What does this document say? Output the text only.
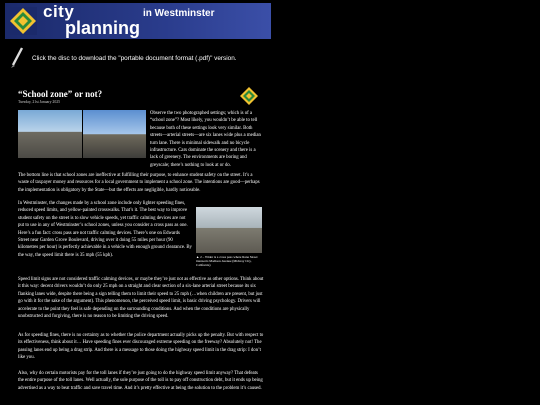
city
planning
in Westminster
Click the disc to download the "portable document format (.pdf)" version.
“School zone” or not?
Tuesday, 21st January 2025

Observe the two photographed settings; which is of a “school zone”? Most likely, you wouldn’t be able to tell because both of these settings look very similar. Both streets—arterial streets—are six lanes wide plus a median turn lane. There is minimal sidewalk and no bicycle infrastructure. Cars dominate the scenery and there is a lack of greenery. The environments are boring and greyscale; there’s nothing to look at or do.

The bottom line is that school zones are ineffective at fulfilling their purpose, to enhance student safety on the street. It’s a waste of taxpayer money and resources for a local government to implement a school zone. The intentions are good—perhaps the implementation is obligatory by the State—but the effects are negligible, hardly noticeable.

In Westminster, the changes made by a school zone include only lighter speeding fines, reduced speed limits, and yellow-painted crosswalks. That’s it. The best way to improve student safety on the street is to slow vehicle speeds, yet traffic calming devices are not put to use in any of Westminster’s school zones, unless you consider a cross pass as one. Here’s a fun fact: cross pass are not traffic calming devices. There’s one on Edwards Street near Garden Grove Boulevard, driving over it doing 55 miles per hour (90 kilometres per hour) is perfectly achievable in a vehicle with enough ground clearance. By the way, the speed limit there is 35 mph (55 kph).	▲ 2 – Wider is a cross pass where Rana Street intersects Madison Avenue (Midway City, California)

Speed limit signs are not considered traffic calming devices, or maybe they’re just not as effective as other options. Think about it this way: decent drivers wouldn’t do only 25 mph on a straight and clear section of a six-lane arterial street because its six flanking lanes wide, despite there being a sign telling them to limit their speed to 25 mph (…when children are present, but just go with it for the sake of the argument). This phenomenon, the perceived speed limit, is basic driving psychology. Drivers will accelerate to the point they feel is safe depending on the surrounding conditions. And when the conditions are physically unobstructed and forgiving, there is no reason to be limiting the driving speed.

As for speeding fines, there is no certainty as to whether the police department actually picks up the penalty. But with respect to its effectiveness, think about it… Have speeding fines ever discouraged extreme speeding on the freeway? Absolutely not! The passing lanes end up being a drag strip. And there is a message to those doing the highway speed limit in the drag strip: I don’t like you.

Also, why do certain motorists pay for the toll lanes if they’re just going to do the highway speed limit anyway? That defeats the entire purpose of the toll lanes. Well actually, the sole purpose of the toll is to pay off construction debt, but it ends up being advertised as a way to beat traffic and save travel time. And it’s pretty effective at being the solution to the problem it’s caused.
